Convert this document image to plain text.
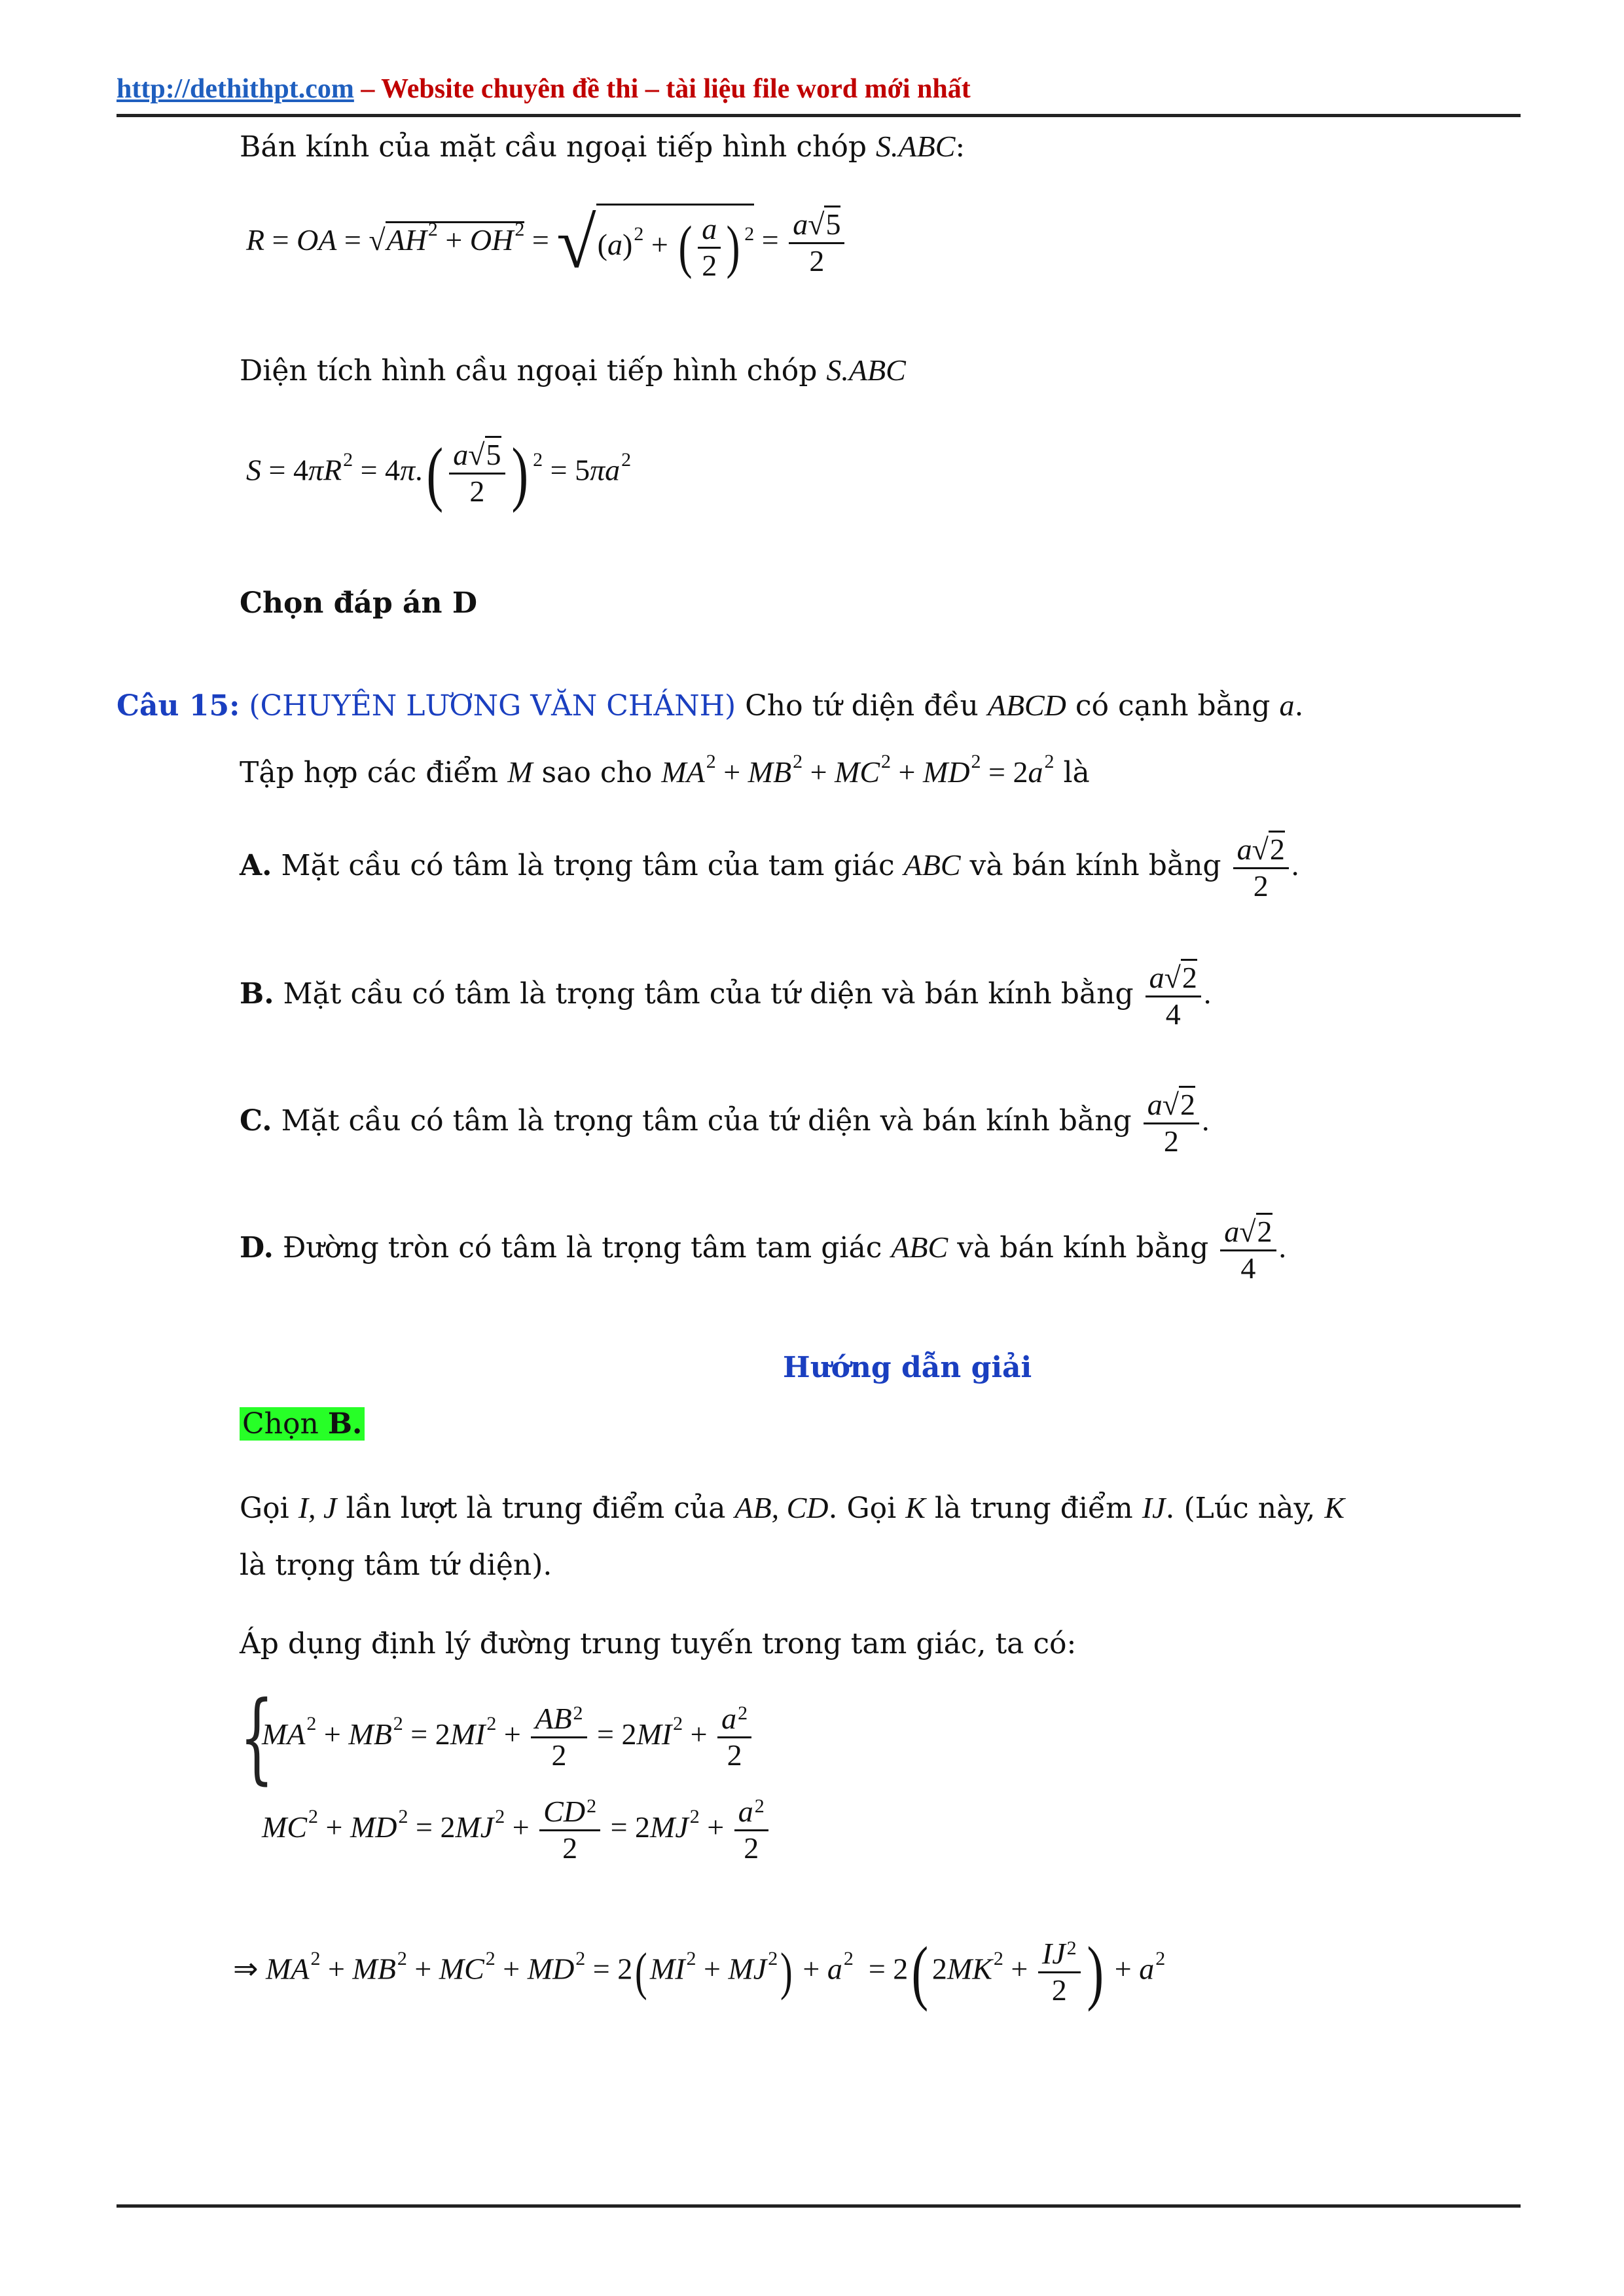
http://dethithpt.com – Website chuyên đề thi – tài liệu file word mới nhất
Bán kính của mặt cầu ngoại tiếp hình chóp S.ABC:
R = OA = $√AH^2 + OH^2 = √(a)^2$ + ( $\frac{a}{2}$ ) $^2 = \frac{a√5}{2}$
Diện tích hình cầu ngoại tiếp hình chóp S.ABC
$S = 4\pi R^2 = 4\pi.( \frac{a√5}{2}$ ) $^2 = 5\pi a^2$
Chọn đáp án D
Câu 15: (CHUYÊN LƯƠNG VĂN CHÁNH) Cho tứ diện đều ABCD có cạnh bằng a.
Tập hợp các điểm M sao cho $MA^2 + MB^2 + MC^2 + MD^2 = 2a^2$ là
A. Mặt cầu có tâm là trọng tâm của tam giác ABC và bán kính bằng $\frac{a√2}{2}$ .
B. Mặt cầu có tâm là trọng tâm của tứ diện và bán kính bằng $\frac{a√2}{4}$ .
C. Mặt cầu có tâm là trọng tâm của tứ diện và bán kính bằng $\frac{a√2}{2}$ .
D. Đường tròn có tâm là trọng tâm tam giác ABC và bán kính bằng $\frac{a√2}{4}$ .
Hướng dẫn giải
Chọn B.
Gọi I, J lần lượt là trung điểm của AB, CD. Gọi K là trung điểm IJ. (Lúc này, K
là trọng tâm tứ diện).
Áp dụng định lý đường trung tuyến trong tam giác, ta có:
{
$MA^2 + MB^2 = 2MI^2 + \frac{AB^2}{2} = 2MI^2 + \frac{a^2}{2}$
$MC^2 + MD^2 = 2MJ^2 + \frac{CD^2}{2} = 2MJ^2 + \frac{a^2}{2}$
⇒ $MA^2 + MB^2 + MC^2 + MD^2 = 2(MI^2 + MJ^2) + a^2 = 2$( $2MK^2 + \frac{IJ^2}{2}$ ) + $a^2$
